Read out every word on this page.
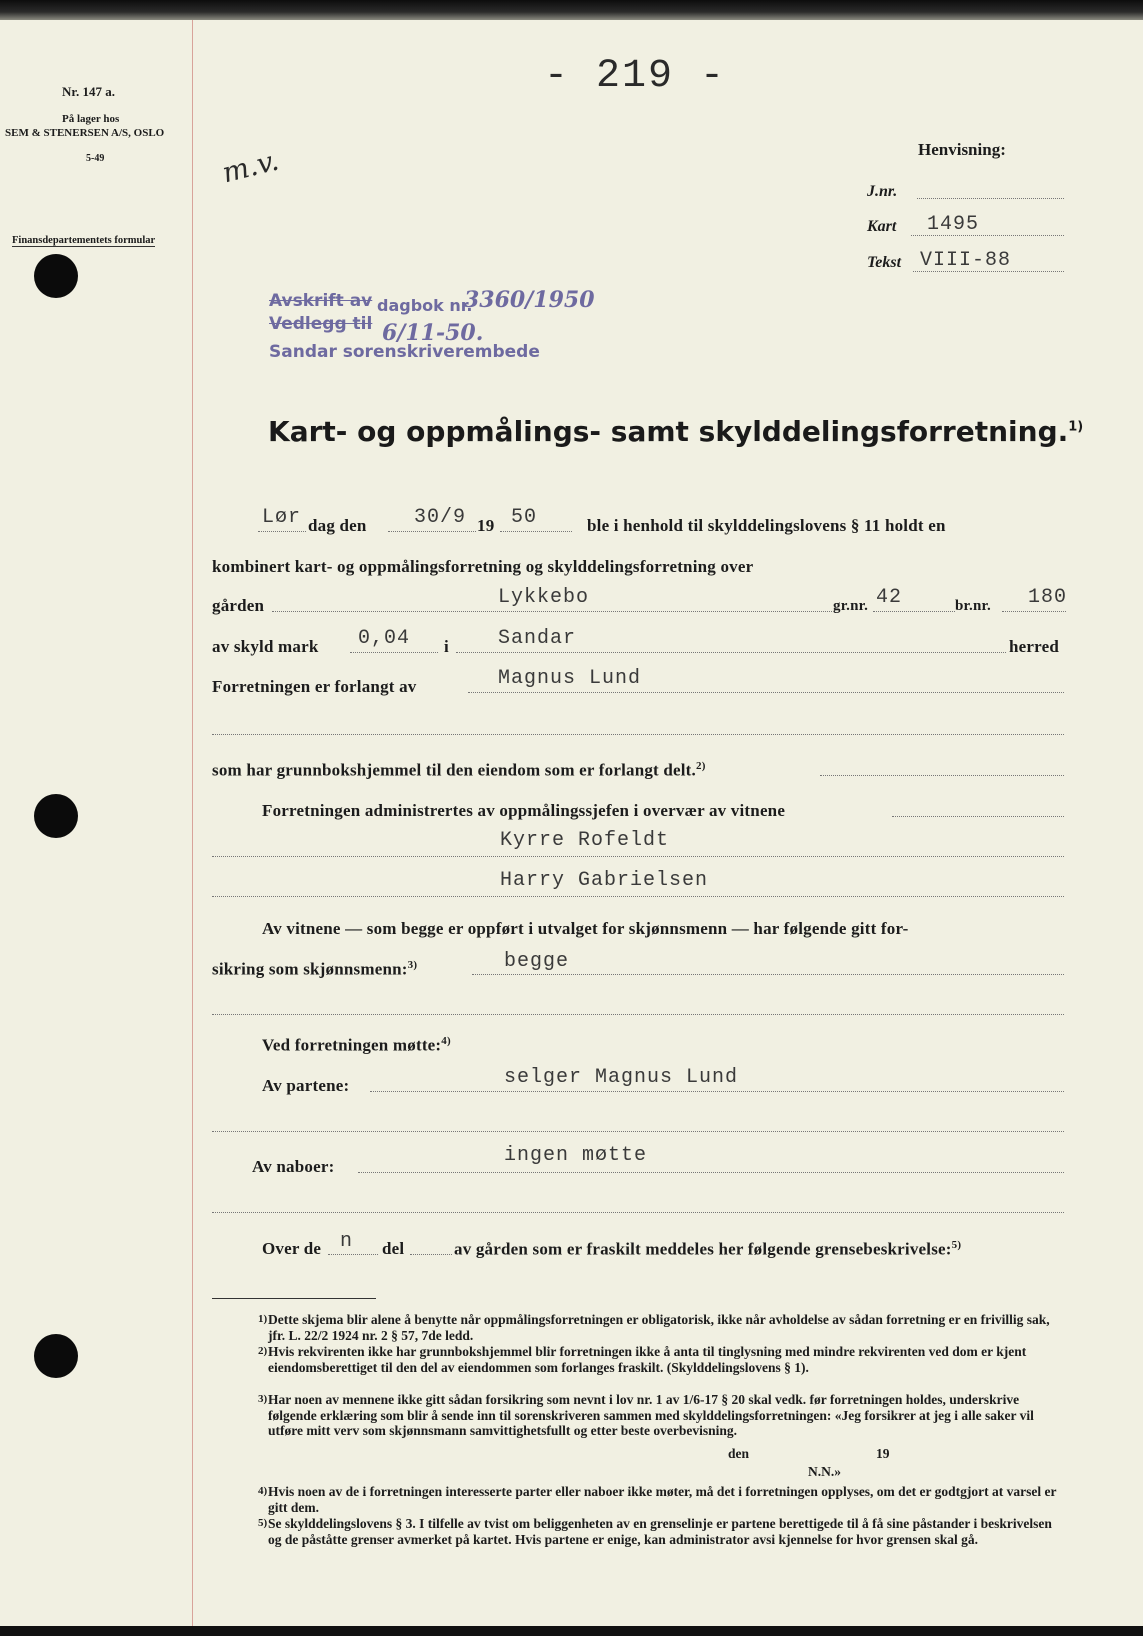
Nr. 147 a.
På lager hos
SEM & STENERSEN A/S, OSLO
5-49
Finansdepartementets formular
- 219 -
m.v.	Henvisning:
J.nr.
Kart 1495
Tekst VIII-88
Avskrift av dagbok nr.
3360/1950
Vedlegg til 6/11-50.
Sandar sorenskriverembede
Kart- og oppmålings- samt skylddelingsforretning.$^{1)}$
Lør dag den 30/9 19 50	ble i henhold til skylddelingslovens § 11 holdt en
kombinert kart- og oppmålingsforretning og skylddelingsforretning over
gården	Lykkebo	gr.nr. 42	br.nr. 180
av skyld mark 0,04 i Sandar	herred
Forretningen er forlangt av	Magnus Lund
som har grunnbokshjemmel til den eiendom som er forlangt delt.$^{2)}$
Forretningen administrertes av oppmålingssjefen i overvær av vitnene
Kyrre Rofeldt
Harry Gabrielsen
Av vitnene — som begge er oppført i utvalget for skjønnsmenn — har følgende gitt for-
sikring som skjønnsmenn:$^{3)}$	begge
Ved forretningen møtte:$^{4)}$
Av partene:	selger Magnus Lund
Av naboer:	ingen møtte
Over de n del	av gården som er fraskilt meddeles her følgende grensebeskrivelse:$^{5)}$
1) Dette skjema blir alene å benytte når oppmålingsforretningen er obligatorisk, ikke når avholdelse av sådan forretning er en frivillig sak, jfr. L. 22/2 1924 nr. 2 § 57, 7de ledd.
2) Hvis rekvirenten ikke har grunnbokshjemmel blir forretningen ikke å anta til tinglysning med mindre rekvirenten ved dom er kjent eiendomsberettiget til den del av eiendommen som forlanges fraskilt. (Skylddelingslovens § 1).
3) Har noen av mennene ikke gitt sådan forsikring som nevnt i lov nr. 1 av 1/6-17 § 20 skal vedk. før forretningen holdes, underskrive følgende erklæring som blir å sende inn til sorenskriveren sammen med skylddelingsforretningen: «Jeg forsikrer at jeg i alle saker vil utføre mitt verv som skjønnsmann samvittighetsfullt og etter beste overbevisning.
den	19
N.N.»
4) Hvis noen av de i forretningen interesserte parter eller naboer ikke møter, må det i forretningen opplyses, om det er godtgjort at varsel er gitt dem.
5) Se skylddelingslovens § 3. I tilfelle av tvist om beliggenheten av en grenselinje er partene berettigede til å få sine påstander i beskrivelsen og de påståtte grenser avmerket på kartet. Hvis partene er enige, kan administrator avsi kjennelse for hvor grensen skal gå.
